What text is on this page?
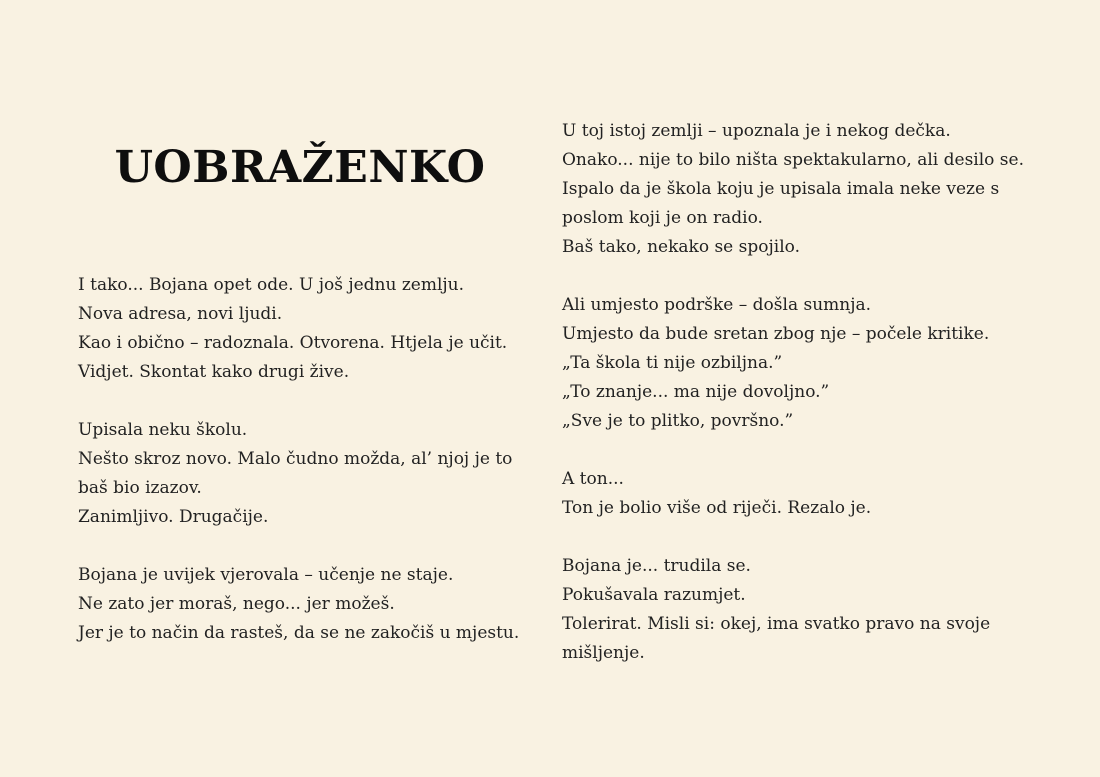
UOBRAŽENKO

I tako... Bojana opet ode. U još jednu zemlju.
Nova adresa, novi ljudi.
Kao i obično – radoznala. Otvorena. Htjela je učit.
Vidjet. Skontat kako drugi žive.

Upisala neku školu.
Nešto skroz novo. Malo čudno možda, al’ njoj je to
baš bio izazov.
Zanimljivo. Drugačije.

Bojana je uvijek vjerovala – učenje ne staje.
Ne zato jer moraš, nego... jer možeš.
Jer je to način da rasteš, da se ne zakočiš u mjestu.

U toj istoj zemlji – upoznala je i nekog dečka.
Onako... nije to bilo ništa spektakularno, ali desilo se.
Ispalo da je škola koju je upisala imala neke veze s
poslom koji je on radio.
Baš tako, nekako se spojilo.

Ali umjesto podrške – došla sumnja.
Umjesto da bude sretan zbog nje – počele kritike.
„Ta škola ti nije ozbiljna.”
„To znanje... ma nije dovoljno.”
„Sve je to plitko, površno.”

A ton...
Ton je bolio više od riječi. Rezalo je.

Bojana je... trudila se.
Pokušavala razumjet.
Tolerirat. Misli si: okej, ima svatko pravo na svoje
mišljenje.
